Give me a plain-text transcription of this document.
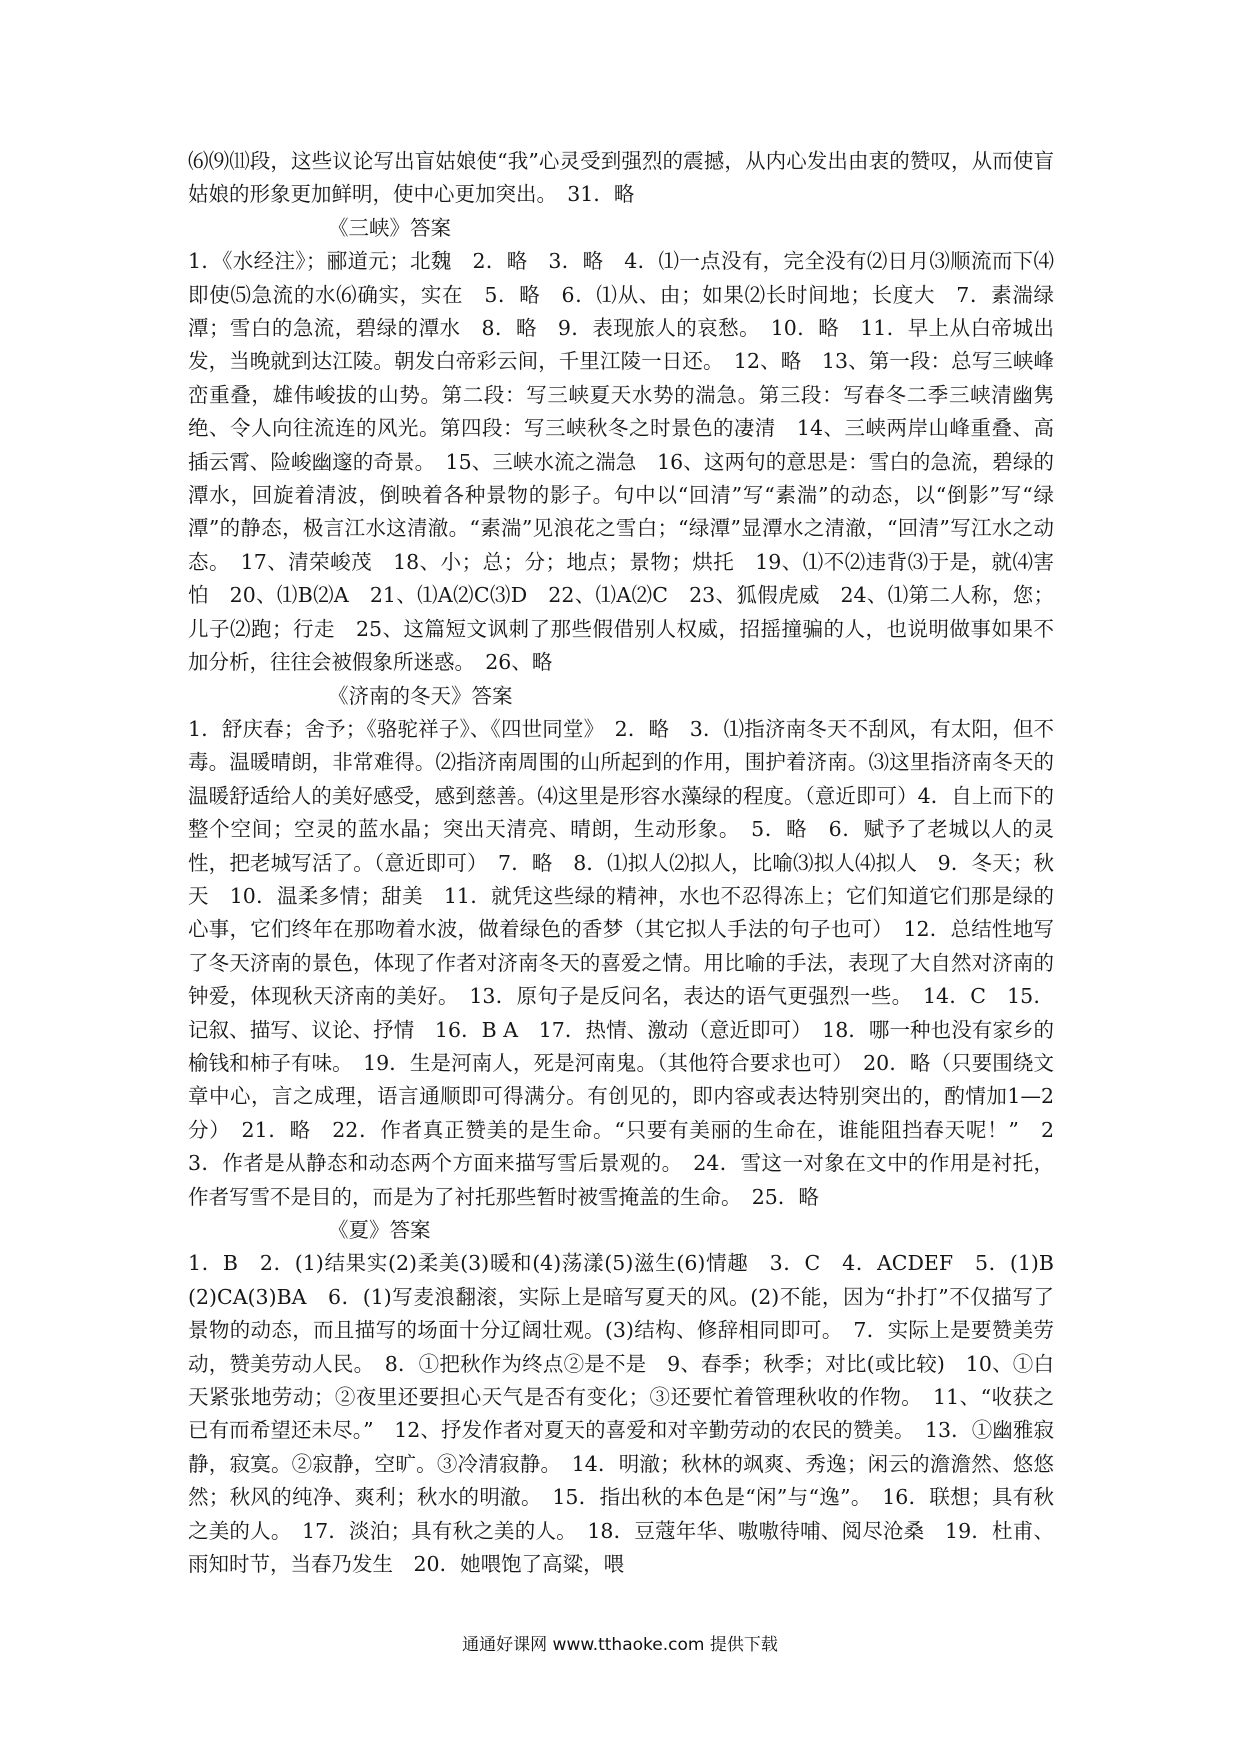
⑹⑼⑾段，这些议论写出盲姑娘使“我”心灵受到强烈的震撼，从内心发出由衷的赞叹，从而使盲姑娘的形象更加鲜明，使中心更加突出。　31．略

《三峡》答案

1．《水经注》；郦道元；北魏　2．略　3．略　4．⑴一点没有，完全没有⑵日月⑶顺流而下⑷即使⑸急流的水⑹确实，实在　5．略　6．⑴从、由；如果⑵长时间地；长度大　7．素湍绿潭；雪白的急流，碧绿的潭水　8．略　9．表现旅人的哀愁。　10．略　11．早上从白帝城出发，当晚就到达江陵。朝发白帝彩云间，千里江陵一日还。　12、略　13、第一段：总写三峡峰峦重叠，雄伟峻拔的山势。第二段：写三峡夏天水势的湍急。第三段：写春冬二季三峡清幽隽绝、令人向往流连的风光。第四段：写三峡秋冬之时景色的凄清　14、三峡两岸山峰重叠、高插云霄、险峻幽邃的奇景。　15、三峡水流之湍急　16、这两句的意思是：雪白的急流，碧绿的潭水，回旋着清波，倒映着各种景物的影子。句中以“回清”写“素湍”的动态，以“倒影”写“绿潭”的静态，极言江水这清澈。“素湍”见浪花之雪白；“绿潭”显潭水之清澈，“回清”写江水之动态。　17、清荣峻茂　18、小；总；分；地点；景物；烘托　19、⑴不⑵违背⑶于是，就⑷害怕　20、⑴B⑵A　21、⑴A⑵C⑶D　22、⑴A⑵C　23、狐假虎威　24、⑴第二人称，您；儿子⑵跑；行走　25、这篇短文讽刺了那些假借别人权威，招摇撞骗的人，也说明做事如果不加分析，往往会被假象所迷惑。　26、略

《济南的冬天》答案

1．舒庆春；舍予；《骆驼祥子》、《四世同堂》　2．略　3．⑴指济南冬天不刮风，有太阳，但不毒。温暖晴朗，非常难得。⑵指济南周围的山所起到的作用，围护着济南。⑶这里指济南冬天的温暖舒适给人的美好感受，感到慈善。⑷这里是形容水藻绿的程度。（意近即可）4．自上而下的整个空间；空灵的蓝水晶；突出天清亮、晴朗，生动形象。　5．略　6．赋予了老城以人的灵性，把老城写活了。（意近即可）　7．略　8．⑴拟人⑵拟人，比喻⑶拟人⑷拟人　9．冬天；秋天　10．温柔多情；甜美　11．就凭这些绿的精神，水也不忍得冻上；它们知道它们那是绿的心事，它们终年在那吻着水波，做着绿色的香梦（其它拟人手法的句子也可）　12．总结性地写了冬天济南的景色，体现了作者对济南冬天的喜爱之情。用比喻的手法，表现了大自然对济南的钟爱，体现秋天济南的美好。　13．原句子是反问名，表达的语气更强烈一些。　14．C　15．记叙、描写、议论、抒情　16．B A　17．热情、激动（意近即可）　18．哪一种也没有家乡的榆钱和柿子有味。　19．生是河南人，死是河南鬼。（其他符合要求也可）　20．略（只要围绕文章中心，言之成理，语言通顺即可得满分。有创见的，即内容或表达特别突出的，酌情加1—2分）　21．略　22．作者真正赞美的是生命。“只要有美丽的生命在，谁能阻挡春天呢！”　23．作者是从静态和动态两个方面来描写雪后景观的。　24．雪这一对象在文中的作用是衬托，作者写雪不是目的，而是为了衬托那些暂时被雪掩盖的生命。　25．略

《夏》答案

1．B　2．(1)结果实(2)柔美(3)暖和(4)荡漾(5)滋生(6)情趣　3．C　4．ACDEF　5．(1)B(2)CA(3)BA　6．(1)写麦浪翻滚，实际上是暗写夏天的风。(2)不能，因为“扑打”不仅描写了景物的动态，而且描写的场面十分辽阔壮观。(3)结构、修辞相同即可。　7．实际上是要赞美劳动，赞美劳动人民。　8．①把秋作为终点②是不是　9、春季；秋季；对比(或比较)　10、①白天紧张地劳动；②夜里还要担心天气是否有变化；③还要忙着管理秋收的作物。　11、“收获之已有而希望还未尽。”　12、抒发作者对夏天的喜爱和对辛勤劳动的农民的赞美。　13．①幽雅寂静，寂寞。②寂静，空旷。③冷清寂静。　14．明澈；秋林的飒爽、秀逸；闲云的澹澹然、悠悠然；秋风的纯净、爽利；秋水的明澈。　15．指出秋的本色是“闲”与“逸”。　16．联想；具有秋之美的人。　17．淡泊；具有秋之美的人。　18．豆蔻年华、嗷嗷待哺、阅尽沧桑　19．杜甫、雨知时节，当春乃发生　20．她喂饱了高粱，喂

通通好课网 www.tthaoke.com 提供下载
